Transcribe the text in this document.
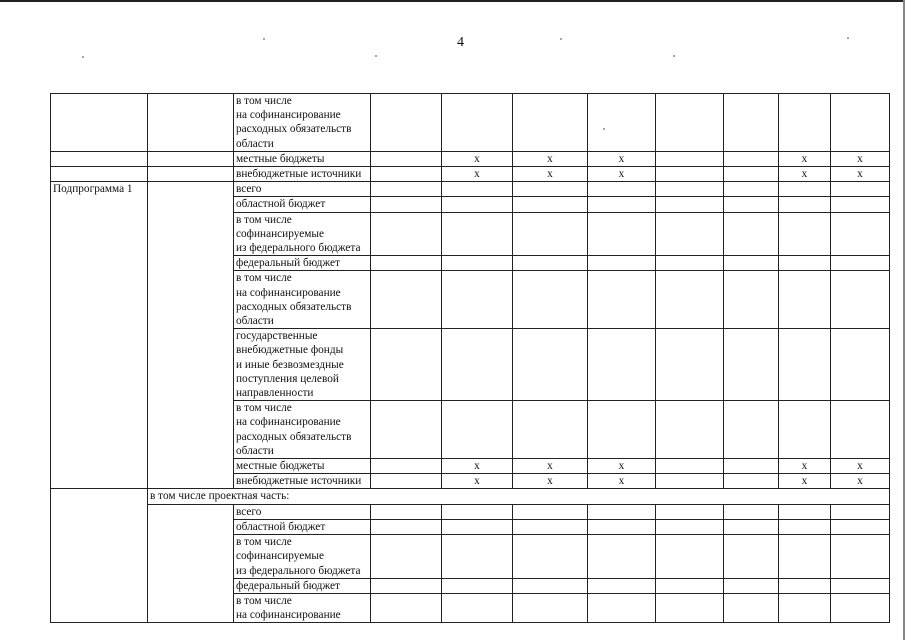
4
		в том числе
на софинансирование
расходных обязательств
области								
		местные бюджеты		x	x	x			x	x
		внебюджетные источники		x	x	x			x	x
Подпрограмма 1		всего								
		областной бюджет								
		в том числе
софинансируемые
из федерального бюджета								
		федеральный бюджет								
		в том числе
на софинансирование
расходных обязательств
области								
		государственные
внебюджетные фонды
и иные безвозмездные
поступления целевой
направленности								
		в том числе
на софинансирование
расходных обязательств
области								
		местные бюджеты		x	x	x			x	x
		внебюджетные источники		x	x	x			x	x
	в том числе проектная часть:									
		всего								
		областной бюджет								
		в том числе
софинансируемые
из федерального бюджета								
		федеральный бюджет								
		в том числе
на софинансирование								
